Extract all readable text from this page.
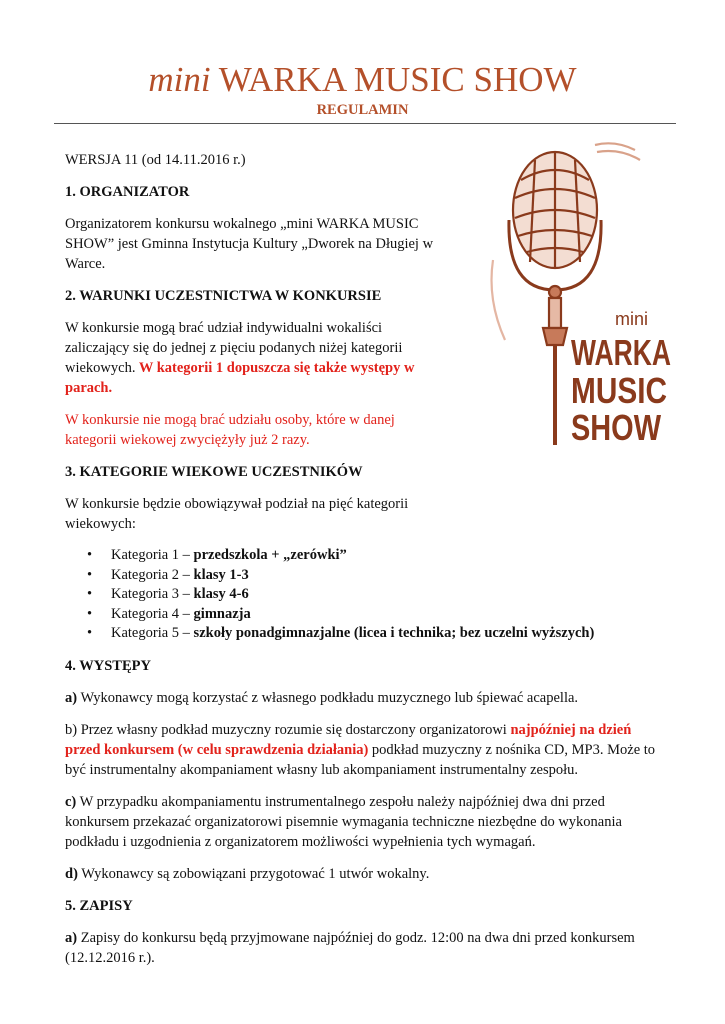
mini WARKA MUSIC SHOW
REGULAMIN
mini
WARKA
MUSIC
SHOW

WERSJA 11 (od 14.11.2016 r.)

1. ORGANIZATOR

Organizatorem konkursu wokalnego „mini WARKA MUSIC SHOW” jest Gminna Instytucja Kultury „Dworek na Długiej w Warce.

2. WARUNKI UCZESTNICTWA W KONKURSIE

W konkursie mogą brać udział indywidualni wokaliści zaliczający się do jednej z pięciu podanych niżej kategorii wiekowych. W kategorii 1 dopuszcza się także występy w parach.

W konkursie nie mogą brać udziału osoby, które w danej kategorii wiekowej zwyciężyły już 2 razy.

3. KATEGORIE WIEKOWE UCZESTNIKÓW

W konkursie będzie obowiązywał podział na pięć kategorii wiekowych:

• Kategoria 1 – przedszkola + „zerówki”
• Kategoria 2 – klasy 1-3
• Kategoria 3 – klasy 4-6
• Kategoria 4 – gimnazja
• Kategoria 5 – szkoły ponadgimnazjalne (licea i technika; bez uczelni wyższych)
4. WYSTĘPY

a) Wykonawcy mogą korzystać z własnego podkładu muzycznego lub śpiewać acapella.

b) Przez własny podkład muzyczny rozumie się dostarczony organizatorowi najpóźniej na dzień przed konkursem (w celu sprawdzenia działania) podkład muzyczny z nośnika CD, MP3. Może to być instrumentalny akompaniament własny lub akompaniament instrumentalny zespołu.

c) W przypadku akompaniamentu instrumentalnego zespołu należy najpóźniej dwa dni przed konkursem przekazać organizatorowi pisemnie wymagania techniczne niezbędne do wykonania podkładu i uzgodnienia z organizatorem możliwości wypełnienia tych wymagań.

d) Wykonawcy są zobowiązani przygotować 1 utwór wokalny.

5. ZAPISY

a) Zapisy do konkursu będą przyjmowane najpóźniej do godz. 12:00 na dwa dni przed konkursem (12.12.2016 r.).
